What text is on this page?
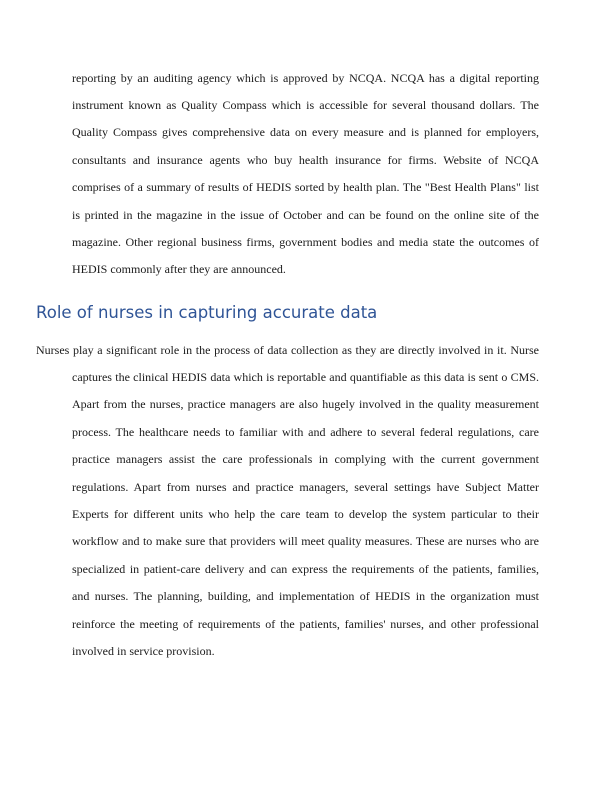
reporting by an auditing agency which is approved by NCQA. NCQA has a digital reporting instrument known as Quality Compass which is accessible for several thousand dollars. The Quality Compass gives comprehensive data on every measure and is planned for employers, consultants and insurance agents who buy health insurance for firms. Website of NCQA comprises of a summary of results of HEDIS sorted by health plan. The "Best Health Plans" list is printed in the magazine in the issue of October and can be found on the online site of the magazine. Other regional business firms, government bodies and media state the outcomes of HEDIS commonly after they are announced.

Role of nurses in capturing accurate data

Nurses play a significant role in the process of data collection as they are directly involved in it. Nurse captures the clinical HEDIS data which is reportable and quantifiable as this data is sent o CMS. Apart from the nurses, practice managers are also hugely involved in the quality measurement process. The healthcare needs to familiar with and adhere to several federal regulations, care practice managers assist the care professionals in complying with the current government regulations. Apart from nurses and practice managers, several settings have Subject Matter Experts for different units who help the care team to develop the system particular to their workflow and to make sure that providers will meet quality measures. These are nurses who are specialized in patient-care delivery and can express the requirements of the patients, families, and nurses. The planning, building, and implementation of HEDIS in the organization must reinforce the meeting of requirements of the patients, families' nurses, and other professional involved in service provision.
